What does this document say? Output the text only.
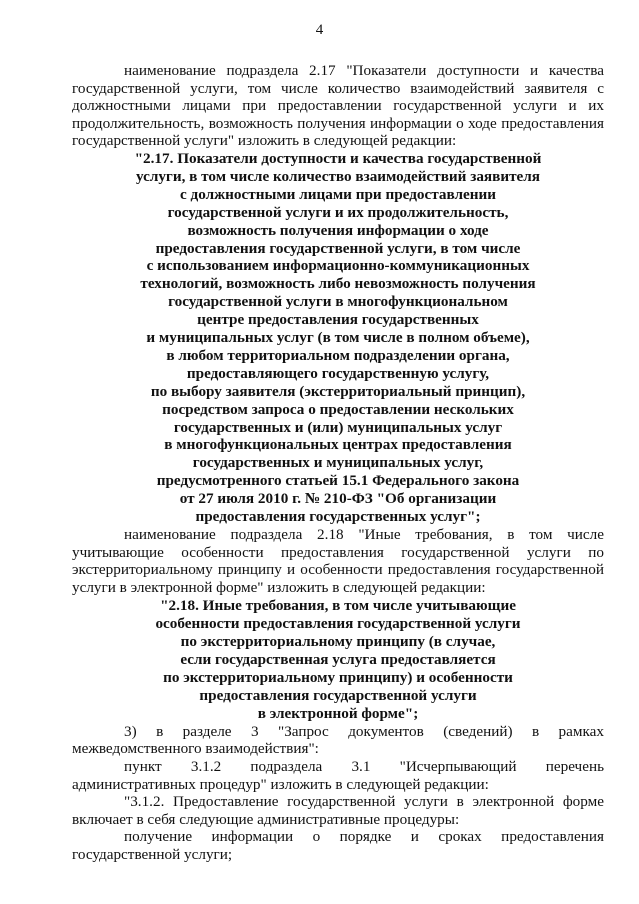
4

наименование подраздела 2.17 "Показатели доступности и качества государственной услуги, том числе количество взаимодействий заявителя с должностными лицами при предоставлении государственной услуги и их продолжительность, возможность получения информации о ходе предоставления государственной услуги" изложить в следующей редакции:

"2.17. Показатели доступности и качества государственной
услуги, в том числе количество взаимодействий заявителя
с должностными лицами при предоставлении
государственной услуги и их продолжительность,
возможность получения информации о ходе
предоставления государственной услуги, в том числе
с использованием информационно-коммуникационных
технологий, возможность либо невозможность получения
государственной услуги в многофункциональном
центре предоставления государственных
и муниципальных услуг (в том числе в полном объеме),
в любом территориальном подразделении органа,
предоставляющего государственную услугу,
по выбору заявителя (экстерриториальный принцип),
посредством запроса о предоставлении нескольких
государственных и (или) муниципальных услуг
в многофункциональных центрах предоставления
государственных и муниципальных услуг,
предусмотренного статьей 15.1 Федерального закона
от 27 июля 2010 г. № 210-ФЗ "Об организации
предоставления государственных услуг";

наименование подраздела 2.18 "Иные требования, в том числе учитывающие особенности предоставления государственной услуги по экстерриториальному принципу и особенности предоставления государственной услуги в электронной форме" изложить в следующей редакции:

"2.18. Иные требования, в том числе учитывающие
особенности предоставления государственной услуги
по экстерриториальному принципу (в случае,
если государственная услуга предоставляется
по экстерриториальному принципу) и особенности
предоставления государственной услуги
в электронной форме";

3) в разделе 3 "Запрос документов (сведений) в рамках межведомственного взаимодействия":

пункт 3.1.2 подраздела 3.1 "Исчерпывающий перечень административных процедур" изложить в следующей редакции:

"3.1.2. Предоставление государственной услуги в электронной форме включает в себя следующие административные процедуры:

получение информации о порядке и сроках предоставления государственной услуги;
